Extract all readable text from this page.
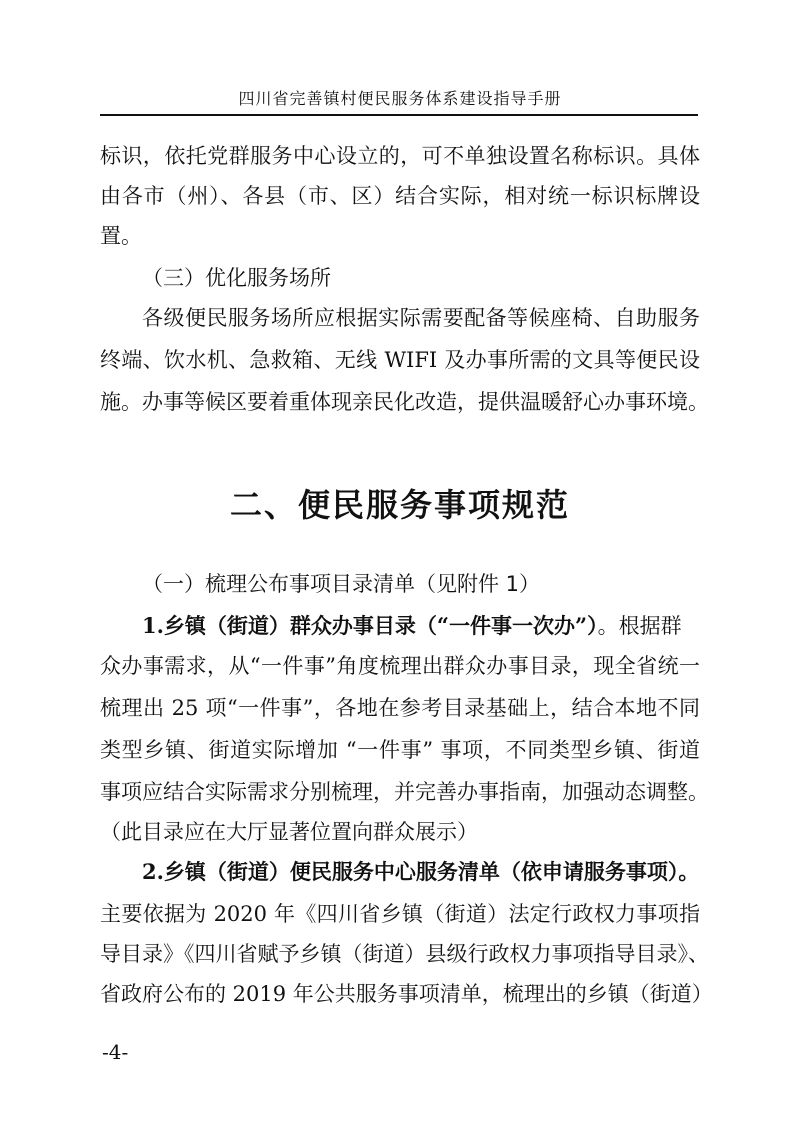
四川省完善镇村便民服务体系建设指导手册
标识，依托党群服务中心设立的，可不单独设置名称标识。具体
由各市（州）、各县（市、区）结合实际，相对统一标识标牌设
置。
（三）优化服务场所
各级便民服务场所应根据实际需要配备等候座椅、自助服务
终端、饮水机、急救箱、无线 WIFI 及办事所需的文具等便民设
施。办事等候区要着重体现亲民化改造，提供温暖舒心办事环境。
二、便民服务事项规范
（一）梳理公布事项目录清单（见附件 1）
1.乡镇（街道）群众办事目录（“一件事一次办”）。根据群
众办事需求，从“一件事”角度梳理出群众办事目录，现全省统一
梳理出 25 项“一件事”，各地在参考目录基础上，结合本地不同
类型乡镇、街道实际增加 “一件事” 事项，不同类型乡镇、街道
事项应结合实际需求分别梳理，并完善办事指南，加强动态调整。
（此目录应在大厅显著位置向群众展示）
2.乡镇（街道）便民服务中心服务清单（依申请服务事项）。
主要依据为 2020 年《四川省乡镇（街道）法定行政权力事项指
导目录》《四川省赋予乡镇（街道）县级行政权力事项指导目录》、
省政府公布的 2019 年公共服务事项清单，梳理出的乡镇（街道）
-4-
